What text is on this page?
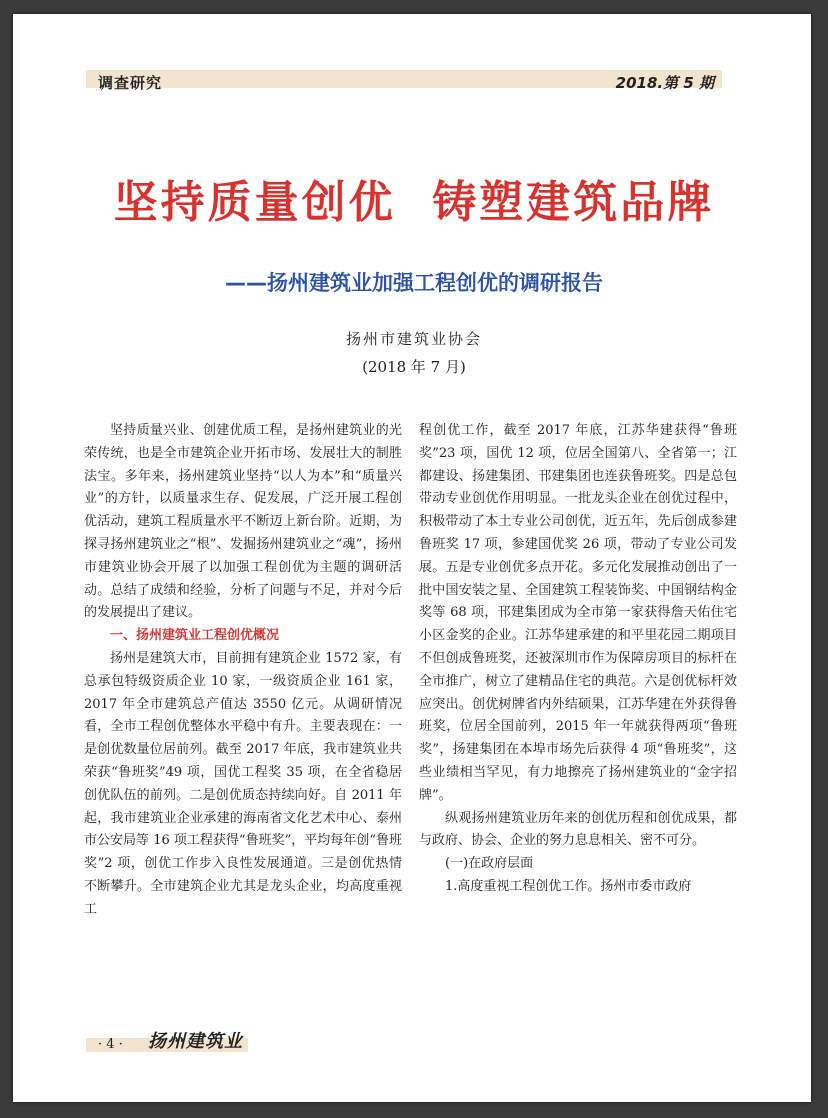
调查研究	2018.第 5 期
坚持质量创优  铸塑建筑品牌
——扬州建筑业加强工程创优的调研报告
扬州市建筑业协会
(2018 年 7 月)

坚持质量兴业、创建优质工程，是扬州建筑业的光荣传统，也是全市建筑企业开拓市场、发展壮大的制胜法宝。多年来，扬州建筑业坚持“以人为本”和“质量兴业”的方针，以质量求生存、促发展，广泛开展工程创优活动，建筑工程质量水平不断迈上新台阶。近期，为探寻扬州建筑业之“根”、发掘扬州建筑业之“魂”，扬州市建筑业协会开展了以加强工程创优为主题的调研活动。总结了成绩和经验，分析了问题与不足，并对今后的发展提出了建议。

一、扬州建筑业工程创优概况

扬州是建筑大市，目前拥有建筑企业 1572 家，有总承包特级资质企业 10 家，一级资质企业 161 家，2017 年全市建筑总产值达 3550 亿元。从调研情况看，全市工程创优整体水平稳中有升。主要表现在：一是创优数量位居前列。截至 2017 年底，我市建筑业共荣获“鲁班奖”49 项，国优工程奖 35 项，在全省稳居创优队伍的前列。二是创优质态持续向好。自 2011 年起，我市建筑业企业承建的海南省文化艺术中心、泰州市公安局等 16 项工程获得“鲁班奖”，平均每年创“鲁班奖”2 项，创优工作步入良性发展通道。三是创优热情不断攀升。全市建筑企业尤其是龙头企业，均高度重视工

程创优工作，截至 2017 年底，江苏华建获得“鲁班奖”23 项，国优 12 项，位居全国第八、全省第一；江都建设、扬建集团、邗建集团也连获鲁班奖。四是总包带动专业创优作用明显。一批龙头企业在创优过程中，积极带动了本土专业公司创优，近五年，先后创成参建鲁班奖 17 项，参建国优奖 26 项，带动了专业公司发展。五是专业创优多点开花。多元化发展推动创出了一批中国安装之星、全国建筑工程装饰奖、中国钢结构金奖等 68 项，邗建集团成为全市第一家获得詹天佑住宅小区金奖的企业。江苏华建承建的和平里花园二期项目不但创成鲁班奖，还被深圳市作为保障房项目的标杆在全市推广，树立了建精品住宅的典范。六是创优标杆效应突出。创优树牌省内外结硕果，江苏华建在外获得鲁班奖，位居全国前列，2015 年一年就获得两项“鲁班奖”，扬建集团在本埠市场先后获得 4 项“鲁班奖”，这些业绩相当罕见，有力地擦亮了扬州建筑业的“金字招牌”。

纵观扬州建筑业历年来的创优历程和创优成果，都与政府、协会、企业的努力息息相关、密不可分。

(一)在政府层面

1.高度重视工程创优工作。扬州市委市政府

· 4 · 扬州建筑业
